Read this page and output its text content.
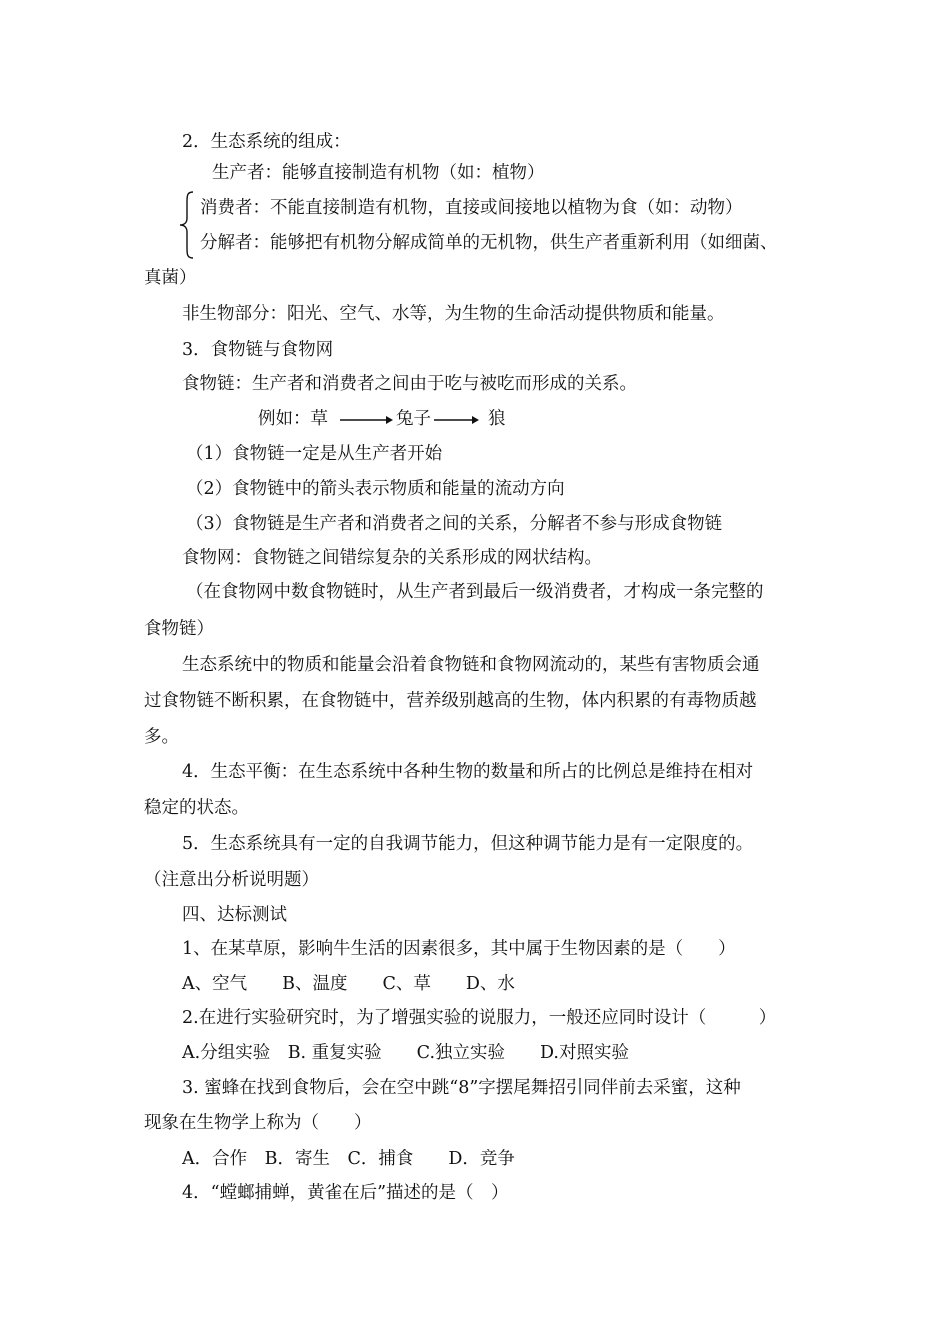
2．生态系统的组成：
生产者：能够直接制造有机物（如：植物）
消费者：不能直接制造有机物，直接或间接地以植物为食（如：动物）
分解者：能够把有机物分解成简单的无机物，供生产者重新利用（如细菌、
真菌）
非生物部分：阳光、空气、水等，为生物的生命活动提供物质和能量。
3．食物链与食物网
食物链：生产者和消费者之间由于吃与被吃而形成的关系。
例如：草	兔子	狼
（1）食物链一定是从生产者开始
（2）食物链中的箭头表示物质和能量的流动方向
（3）食物链是生产者和消费者之间的关系，分解者不参与形成食物链
食物网：食物链之间错综复杂的关系形成的网状结构。
（在食物网中数食物链时，从生产者到最后一级消费者，才构成一条完整的
食物链）
生态系统中的物质和能量会沿着食物链和食物网流动的，某些有害物质会通
过食物链不断积累，在食物链中，营养级别越高的生物，体内积累的有毒物质越
多。
4．生态平衡：在生态系统中各种生物的数量和所占的比例总是维持在相对
稳定的状态。
5．生态系统具有一定的自我调节能力，但这种调节能力是有一定限度的。
（注意出分析说明题）
四、达标测试
1、在某草原，影响牛生活的因素很多，其中属于生物因素的是（　　）
A、空气　　B、温度　　C、草　　D、水
2.在进行实验研究时，为了增强实验的说服力，一般还应同时设计（　　　）
A.分组实验　B. 重复实验　　C.独立实验　　D.对照实验
3. 蜜蜂在找到食物后，会在空中跳“8”字摆尾舞招引同伴前去采蜜，这种
现象在生物学上称为（　　）
A．合作　B．寄生　C．捕食　　D．竞争
4．“螳螂捕蝉，黄雀在后”描述的是（　）
